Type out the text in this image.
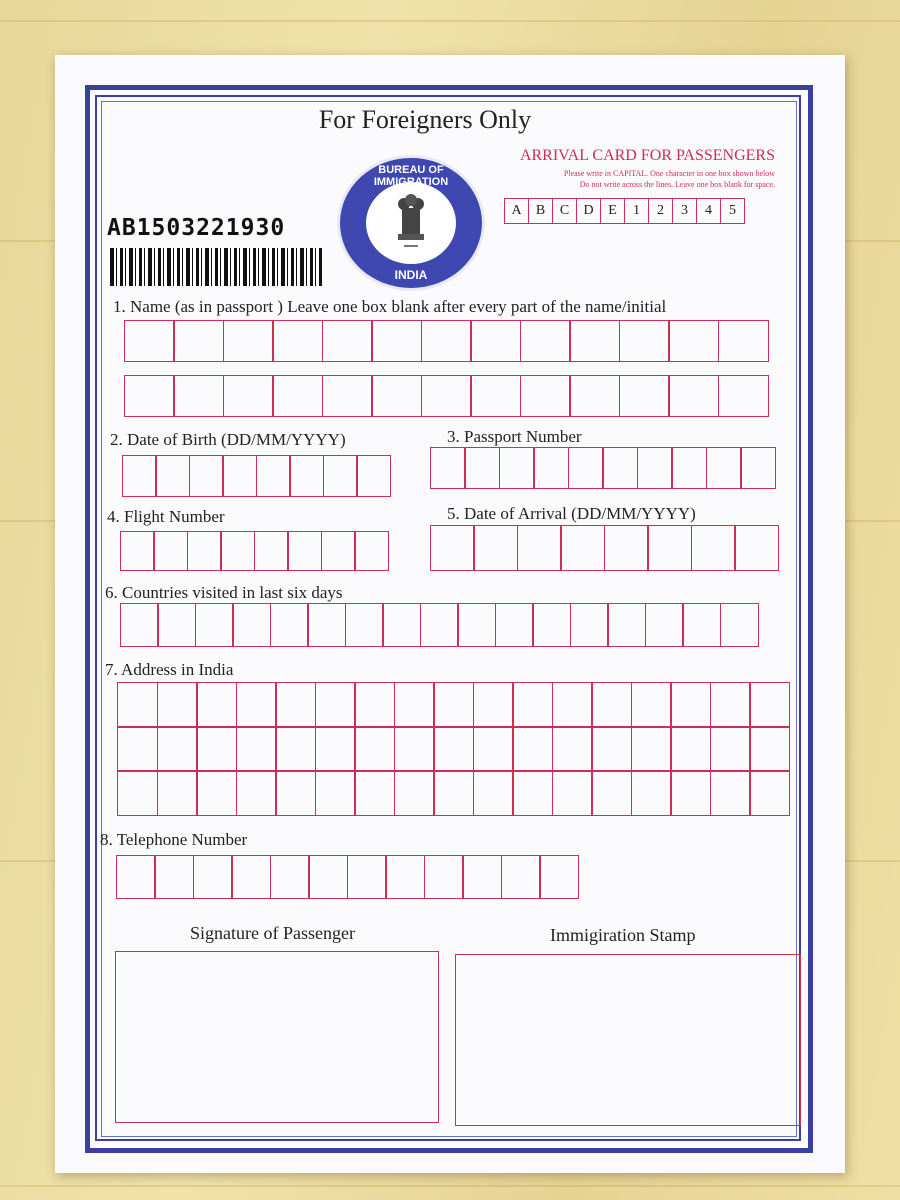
For Foreigners Only
AB1503221930
BUREAU OF IMMIGRATION
INDIA
ARRIVAL CARD FOR PASSENGERS
Please write in CAPITAL. One character in one box shown below
Do not write across the lines. Leave one box blank for space.
A	B	C	D	E	1	2	3	4	5
1. Name (as in passport ) Leave one box blank after every part of the name/initial
2. Date of Birth (DD/MM/YYYY)	3. Passport Number
4. Flight Number	5. Date of Arrival (DD/MM/YYYY)
6. Countries visited in last six days
7. Address in India
8. Telephone Number
Signature of Passenger	Immigiration Stamp
